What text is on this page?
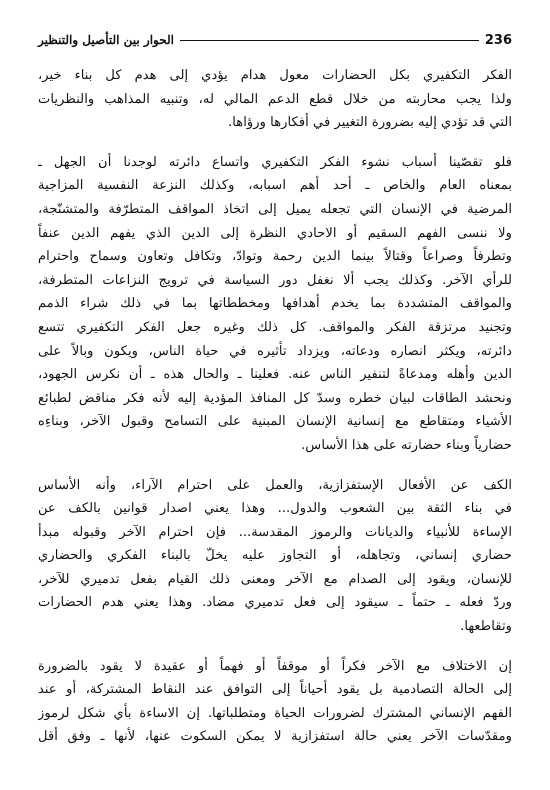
الحوار بين التأصيل والتنظير	236

الفكر التكفيري بكل الحضارات معول هدام يؤدي إلى هدم كل بناء خير،
ولذا يجب محاربته من خلال قطع الدعم المالي له، وتنبيه المذاهب والنظريات
التي قد تؤدي إليه بضرورة التغيير في أفكارها ورؤاها.

فلو تقصّينا أسباب نشوء الفكر التكفيري واتساع دائرته لوجدنا أن الجهل ـ
بمعناه العام والخاص ـ أحد أهم اسبابه، وكذلك النزعة النفسية المزاجية
المرضية في الإنسان التي تجعله يميل إلى اتخاذ المواقف المتطرّفة والمتشنّجة،
ولا ننسى الفهم السقيم أو الاحادي النظرة إلى الدين الذي يفهم الدين عنفاً
وتطرفاً وصراعاً وقتالاً بينما الدين رحمة وتوادّ، وتكافل وتعاون وسماح واحترام
للرأي الآخر. وكذلك يجب ألا نغفل دور السياسة في ترويج النزاعات المتطرفة،
والمواقف المتشددة بما يخدم أهدافها ومخططاتها بما في ذلك شراء الذمم
وتجنيد مرتزقة الفكر والمواقف. كل ذلك وغيره جعل الفكر التكفيري تتسع
دائرته، ويكثر انصاره ودعاته، ويزداد تأثيره في حياة الناس، ويكون وبالاً على
الدين وأهله ومدعاةً لتنفير الناس عنه. فعلينا ـ والحال هذه ـ أن نكرس الجهود،
ونحشد الطاقات لبيان خطره وسدّ كل المنافذ المؤدية إليه لأنه فكر مناقض لطبائع
الأشياء ومتقاطع مع إنسانية الإنسان المبنية على التسامح وقبول الآخر، وبناءِه
حضارياً وبناء حضارته على هذا الأساس.

الكف عن الأفعال الإستفزازية، والعمل على احترام الآراء، وأنه الأساس
في بناء الثقة بين الشعوب والدول... وهذا يعني اصدار قوانين بالكف عن
الإساءة للأنبياء والديانات والرموز المقدسة... فإن احترام الآخر وقبوله مبدأ
حضاري إنساني، وتجاهله، أو التجاوز عليه يخلّ بالبناء الفكري والحضاري
للإنسان، ويقود إلى الصدام مع الآخر ومعنى ذلك القيام بفعل تدميري للآخر،
وردّ فعله ـ حتماً ـ سيقود إلى فعل تدميري مضاد. وهذا يعني هدم الحضارات
وتقاطعها.

إن الاختلاف مع الآخر فكراً أو موقفاً أو فهماً أو عقيدة لا يقود بالضرورة
إلى الحالة التصادمية بل يقود أحياناً إلى التوافق عند النقاط المشتركة، أو عند
الفهم الإنساني المشترك لضرورات الحياة ومتطلباتها. إن الاساءة بأي شكل لرموز
ومقدّسات الآخر يعني حالة استفزازية لا يمكن السكوت عنها، لأنها ـ وفق أقل
